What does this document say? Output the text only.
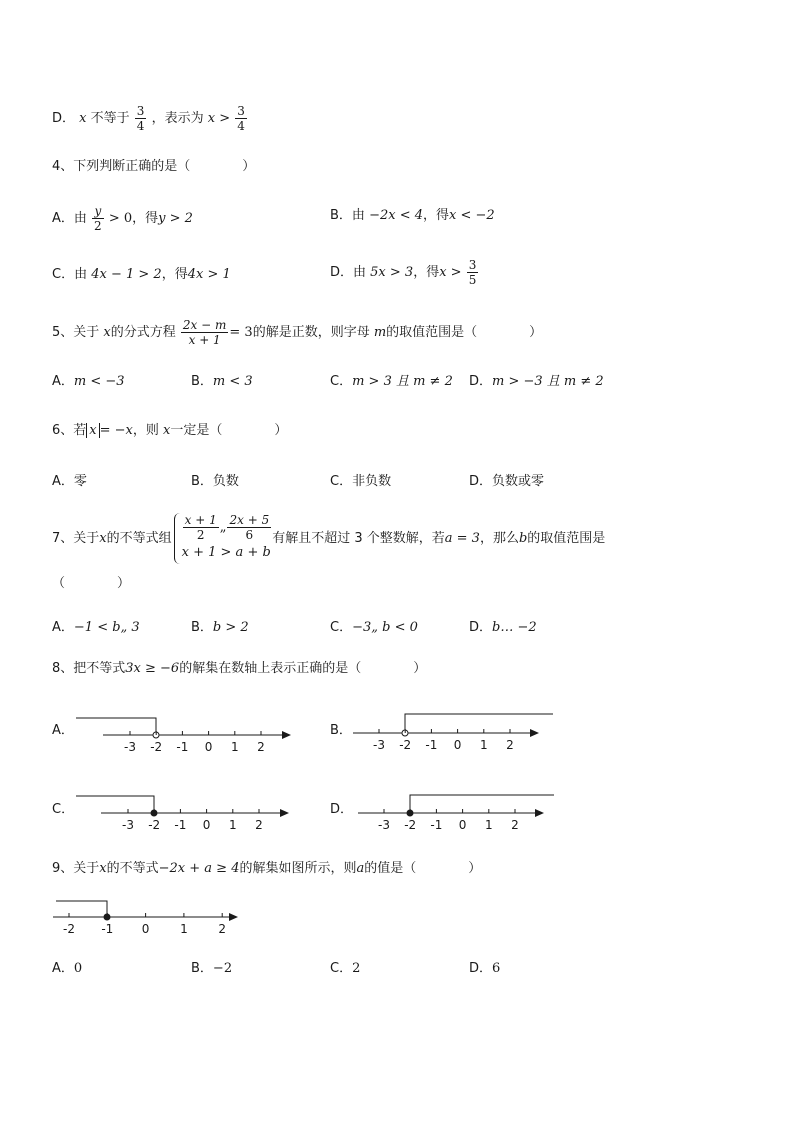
D． x 不等于 $\frac{3}{4}$ ，表示为 $x > \frac{3}{4}$
4、下列判断正确的是（　　　　）
A．由 $\frac{y}{2} > 0$，得y > 2	B．由 −2x < 4，得x < −2
C．由 4x − 1 > 2，得4x > 1	D．由 5x > 3，得$x > \frac{3}{5}$
5、关于 x的分式方程 $\frac{2x - m}{x + 1} = 3$的解是正数，则字母 m的取值范围是（　　　　）
A．m < −3	B．m < 3	C．m > 3 且 m ≠ 2 D．m > −3 且 m ≠ 2
6、若 x = −x，则 x一定是（　　　　）
A．零	B．负数	C．非负数	D．负数或零
7、关于x的不等式组 $\frac{x + 1}{2}$ „ $\frac{2x + 5}{6}$
x + 1 > a + b
有解且不超过 3 个整数解，若a = 3，那么b的取值范围是
（　　　　）
A．−1 < b„ 3	B．b > 2	C．−3„ b < 0	D．b… −2
8、把不等式3x ≥ −6的解集在数轴上表示正确的是（　　　　）
A．
-3 -2 -1 0 1 2
B．
-3 -2 -1 0 1 2
C．
-3 -2 -1 0 1 2
D．
-3 -2 -1 0 1 2
9、关于x的不等式−2x + a ≥ 4的解集如图所示，则a的值是（　　　　）
-2 -1 0	1	2
A．0	B．−2	C．2	D．6
